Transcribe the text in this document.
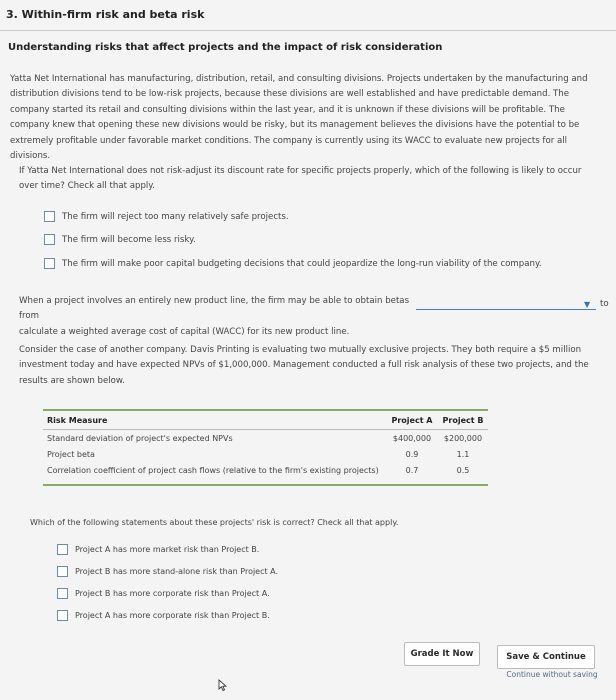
3. Within-firm risk and beta risk
Understanding risks that affect projects and the impact of risk consideration
Yatta Net International has manufacturing, distribution, retail, and consulting divisions. Projects undertaken by the manufacturing and distribution divisions tend to be low-risk projects, because these divisions are well established and have predictable demand. The company started its retail and consulting divisions within the last year, and it is unknown if these divisions will be profitable. The company knew that opening these new divisions would be risky, but its management believes the divisions have the potential to be extremely profitable under favorable market conditions. The company is currently using its WACC to evaluate new projects for all divisions.
If Yatta Net International does not risk-adjust its discount rate for specific projects properly, which of the following is likely to occur over time? Check all that apply.
The firm will reject too many relatively safe projects.
The firm will become less risky.
The firm will make poor capital budgeting decisions that could jeopardize the long-run viability of the company.
When a project involves an entirely new product line, the firm may be able to obtain betas from
calculate a weighted average cost of capital (WACC) for its new product line.
▼ to
Consider the case of another company. Davis Printing is evaluating two mutually exclusive projects. They both require a $5 million investment today and have expected NPVs of $1,000,000. Management conducted a full risk analysis of these two projects, and the results are shown below.
Risk Measure	Project A	Project B
Standard deviation of project's expected NPVs	$400,000	$200,000
Project beta	0.9	1.1
Correlation coefficient of project cash flows (relative to the firm's existing projects)	0.7	0.5
Which of the following statements about these projects' risk is correct? Check all that apply.
Project A has more market risk than Project B.
Project B has more stand-alone risk than Project A.
Project B has more corporate risk than Project A.
Project A has more corporate risk than Project B.
Grade It Now	Save & Continue
Continue without saving
